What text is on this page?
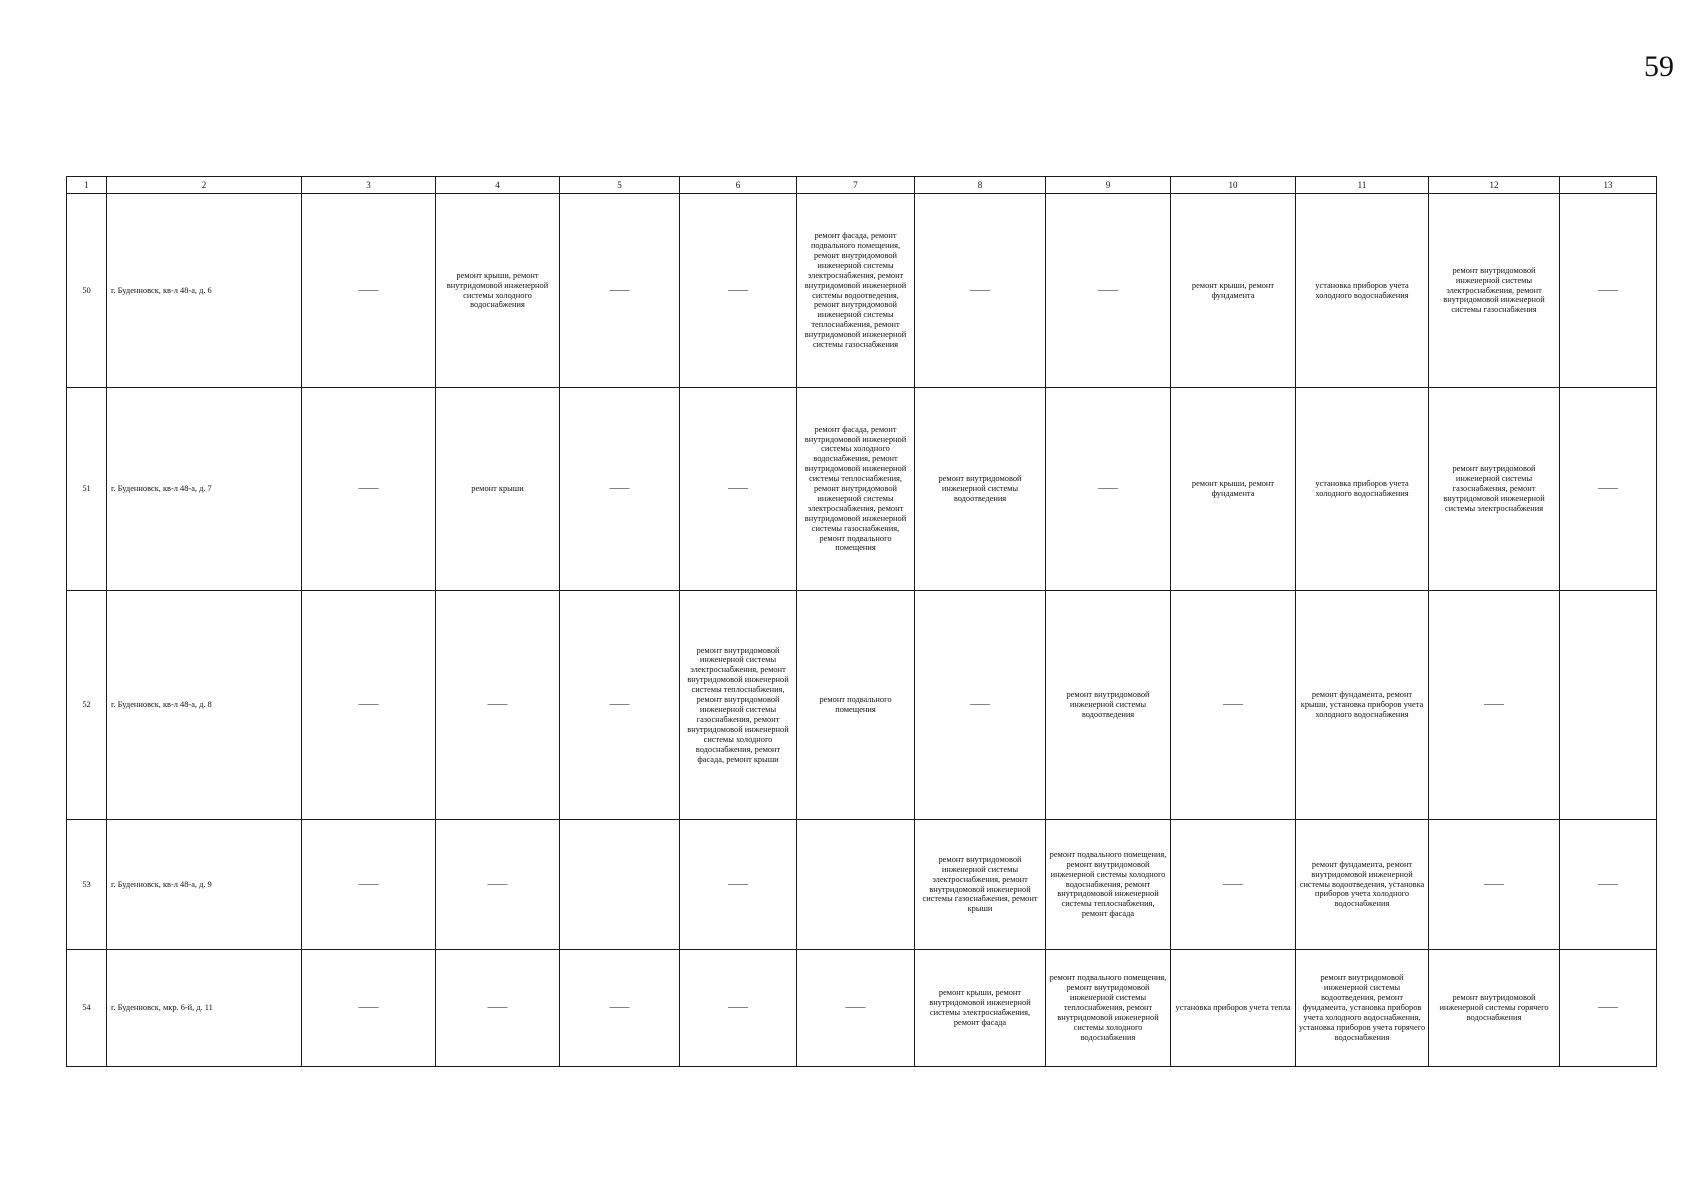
59
1	2	3	4	5	6	7	8	9	10	11	12	13
50	г. Буденновск, кв-л 48-а, д. 6	——	ремонт крыши, ремонт внутридомовой инженерной системы холодного водоснабжения	——	——	ремонт фасада, ремонт подвального помещения, ремонт внутридомовой инженерной системы электроснабжения, ремонт внутридомовой инженерной системы водоотведения, ремонт внутридомовой инженерной системы теплоснабжения, ремонт внутридомовой инженерной системы газоснабжения	——	——	ремонт крыши, ремонт фундамента	установка приборов учета холодного водоснабжения	ремонт внутридомовой инженерной системы электроснабжения, ремонт внутридомовой инженерной системы газоснабжения	——
51	г. Буденновск, кв-л 48-а, д. 7	——	ремонт крыши	——	——	ремонт фасада, ремонт внутридомовой инженерной системы холодного водоснабжения, ремонт внутридомовой инженерной системы теплоснабжения, ремонт внутридомовой инженерной системы электроснабжения, ремонт внутридомовой инженерной системы газоснабжения, ремонт подвального помещения	ремонт внутридомовой инженерной системы водоотведения	——	ремонт крыши, ремонт фундамента	установка приборов учета холодного водоснабжения	ремонт внутридомовой инженерной системы газоснабжения, ремонт внутридомовой инженерной системы электроснабжения	——
52	г. Буденновск, кв-л 48-а, д. 8	——	——	——	ремонт внутридомовой инженерной системы электроснабжения, ремонт внутридомовой инженерной системы теплоснабжения, ремонт внутридомовой инженерной системы газоснабжения, ремонт внутридомовой инженерной системы холодного водоснабжения, ремонт фасада, ремонт крыши	ремонт подвального помещения	——	ремонт внутридомовой инженерной системы водоотведения	——	ремонт фундамента, ремонт крыши, установка приборов учета холодного водоснабжения	——	
53	г. Буденновск, кв-л 48-а, д. 9	——	——		——		ремонт внутридомовой инженерной системы электроснабжения, ремонт внутридомовой инженерной системы газоснабжения, ремонт крыши	ремонт подвального помещения, ремонт внутридомовой инженерной системы холодного водоснабжения, ремонт внутридомовой инженерной системы теплоснабжения, ремонт фасада	——	ремонт фундамента, ремонт внутридомовой инженерной системы водоотведения, установка приборов учета холодного водоснабжения	——	——
54	г. Буденновск, мкр. 6-й, д. 11	——	——	——	——	——	ремонт крыши, ремонт внутридомовой инженерной системы электроснабжения, ремонт фасада	ремонт подвального помещения, ремонт внутридомовой инженерной системы теплоснабжения, ремонт внутридомовой инженерной системы холодного водоснабжения	установка приборов учета тепла	ремонт внутридомовой инженерной системы водоотведения, ремонт фундамента, установка приборов учета холодного водоснабжения, установка приборов учета горячего водоснабжения	ремонт внутридомовой инженерной системы горячего водоснабжения	——
